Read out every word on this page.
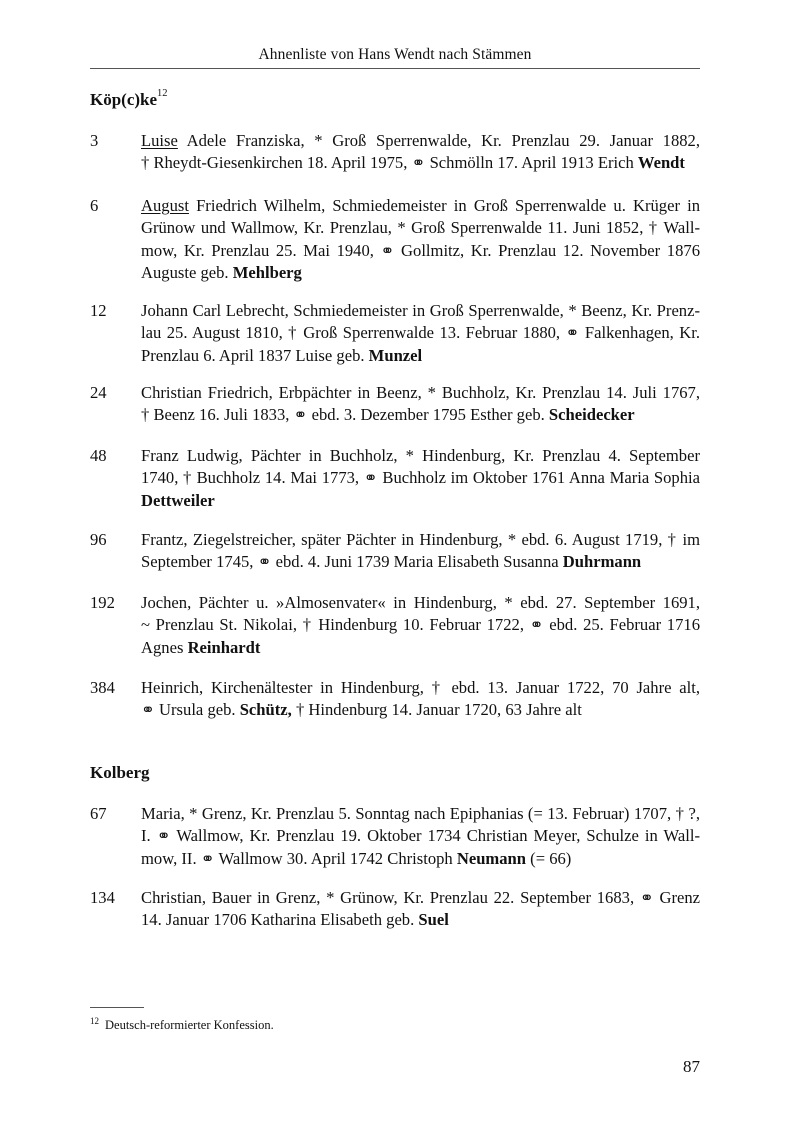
Ahnenliste von Hans Wendt nach Stämmen
$Köp(c)ke^{12}$
3	Luise Adele Franziska, * Groß Sperrenwalde, Kr. Prenzlau 29. Januar 1882,
† Rheydt-Giesenkirchen 18. April 1975, ⚭ Schmölln 17. April 1913 Erich Wendt
6	August Friedrich Wilhelm, Schmiedemeister in Groß Sperrenwalde u. Krüger in
Grünow und Wallmow, Kr. Prenzlau, * Groß Sperrenwalde 11. Juni 1852, † Wall-
mow, Kr. Prenzlau 25. Mai 1940, ⚭ Gollmitz, Kr. Prenzlau 12. November 1876
Auguste geb. Mehlberg
12 Johann Carl Lebrecht, Schmiedemeister in Groß Sperrenwalde, * Beenz, Kr. Prenz-
lau 25. August 1810, † Groß Sperrenwalde 13. Februar 1880, ⚭ Falkenhagen, Kr.
Prenzlau 6. April 1837 Luise geb. Munzel
24 Christian Friedrich, Erbpächter in Beenz, * Buchholz, Kr. Prenzlau 14. Juli 1767,
† Beenz 16. Juli 1833, ⚭ ebd. 3. Dezember 1795 Esther geb. Scheidecker
48 Franz Ludwig, Pächter in Buchholz, * Hindenburg, Kr. Prenzlau 4. September
1740, † Buchholz 14. Mai 1773, ⚭ Buchholz im Oktober 1761 Anna Maria Sophia
Dettweiler
96 Frantz, Ziegelstreicher, später Pächter in Hindenburg, * ebd. 6. August 1719, † im
September 1745, ⚭ ebd. 4. Juni 1739 Maria Elisabeth Susanna Duhrmann
192 Jochen, Pächter u. »Almosenvater« in Hindenburg, * ebd. 27. September 1691,
~ Prenzlau St. Nikolai, † Hindenburg 10. Februar 1722, ⚭ ebd. 25. Februar 1716
Agnes Reinhardt
384 Heinrich, Kirchenältester in Hindenburg, † ebd. 13. Januar 1722, 70 Jahre alt,
⚭ Ursula geb. Schütz, † Hindenburg 14. Januar 1720, 63 Jahre alt
Kolberg
67 Maria, * Grenz, Kr. Prenzlau 5. Sonntag nach Epiphanias (= 13. Februar) 1707, † ?,
I. ⚭ Wallmow, Kr. Prenzlau 19. Oktober 1734 Christian Meyer, Schulze in Wall-
mow, II. ⚭ Wallmow 30. April 1742 Christoph Neumann (= 66)
134 Christian, Bauer in Grenz, * Grünow, Kr. Prenzlau 22. September 1683, ⚭ Grenz
14. Januar 1706 Katharina Elisabeth geb. Suel
$^{12}$ Deutsch-reformierter Konfession.
87
